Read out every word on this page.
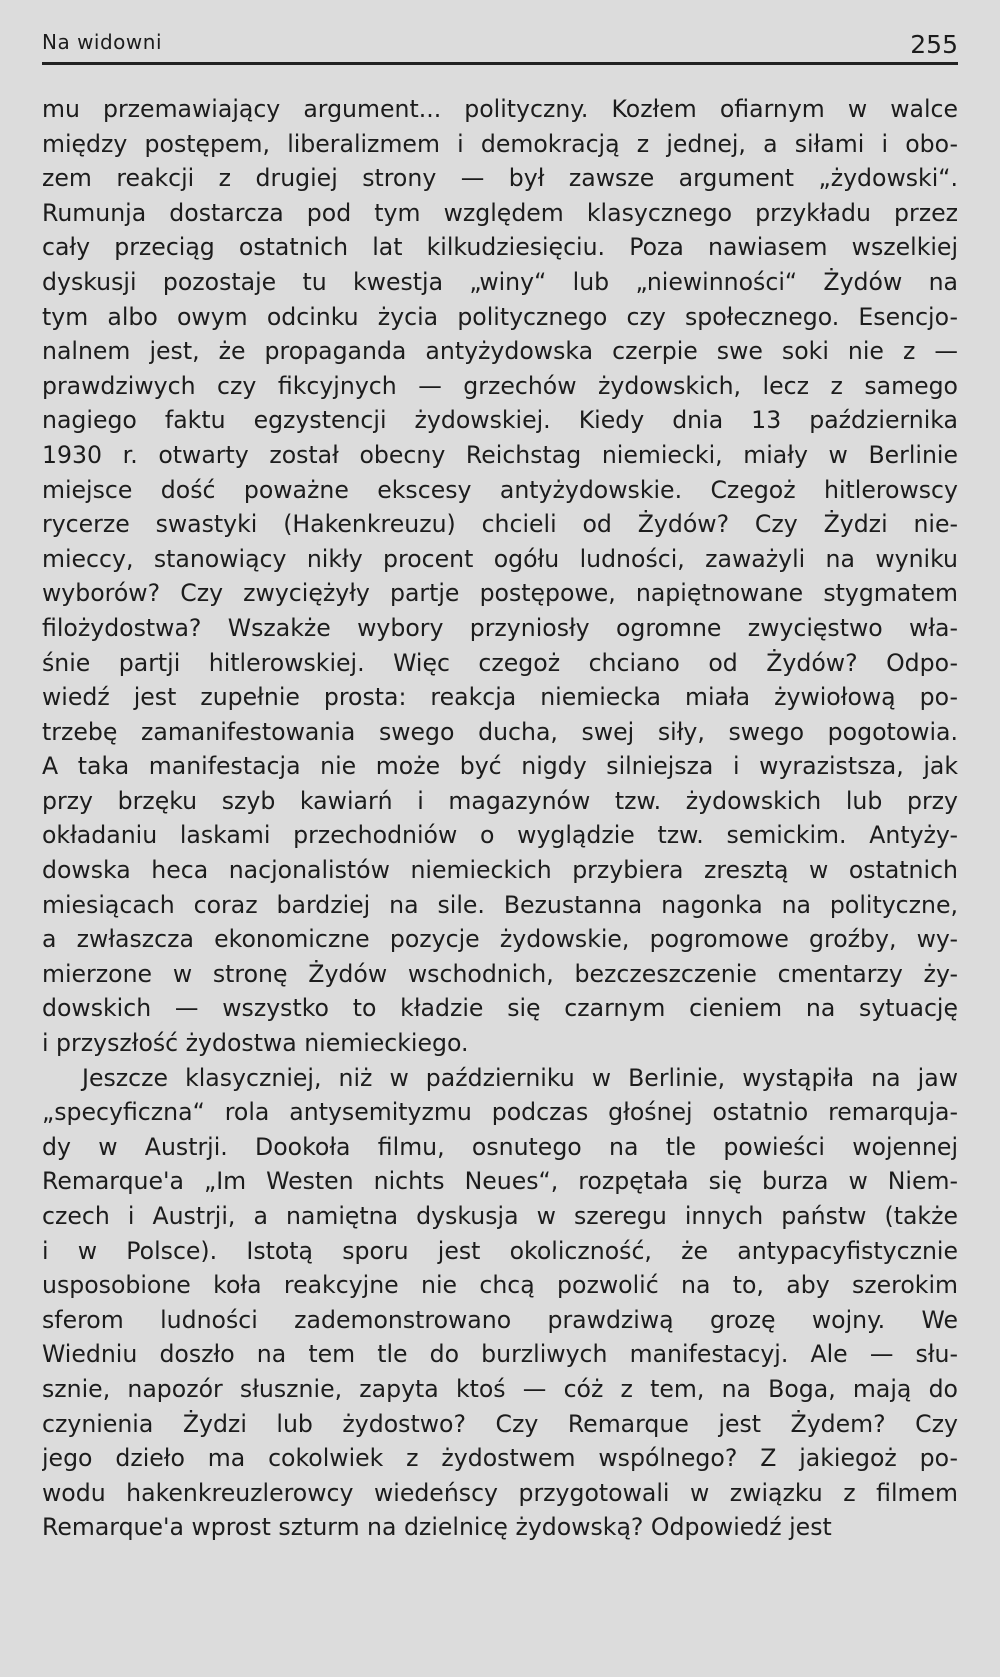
Na widowni	255
mu przemawiający argument... polityczny. Kozłem ofiarnym w walce
między postępem, liberalizmem i demokracją z jednej, a siłami i obo-
zem reakcji z drugiej strony — był zawsze argument „żydowski“.
Rumunja dostarcza pod tym względem klasycznego przykładu przez
cały przeciąg ostatnich lat kilkudziesięciu. Poza nawiasem wszelkiej
dyskusji pozostaje tu kwestja „winy“ lub „niewinności“ Żydów na
tym albo owym odcinku życia politycznego czy społecznego. Esencjo-
nalnem jest, że propaganda antyżydowska czerpie swe soki nie z —
prawdziwych czy fikcyjnych — grzechów żydowskich, lecz z samego
nagiego faktu egzystencji żydowskiej. Kiedy dnia 13 października
1930 r. otwarty został obecny Reichstag niemiecki, miały w Berlinie
miejsce dość poważne ekscesy antyżydowskie. Czegoż hitlerowscy
rycerze swastyki (Hakenkreuzu) chcieli od Żydów? Czy Żydzi nie-
mieccy, stanowiący nikły procent ogółu ludności, zaważyli na wyniku
wyborów? Czy zwyciężyły partje postępowe, napiętnowane stygmatem
filożydostwa? Wszakże wybory przyniosły ogromne zwycięstwo wła-
śnie partji hitlerowskiej. Więc czegoż chciano od Żydów? Odpo-
wiedź jest zupełnie prosta: reakcja niemiecka miała żywiołową po-
trzebę zamanifestowania swego ducha, swej siły, swego pogotowia.
A taka manifestacja nie może być nigdy silniejsza i wyrazistsza, jak
przy brzęku szyb kawiarń i magazynów tzw. żydowskich lub przy
okładaniu laskami przechodniów o wyglądzie tzw. semickim. Antyży-
dowska heca nacjonalistów niemieckich przybiera zresztą w ostatnich
miesiącach coraz bardziej na sile. Bezustanna nagonka na polityczne,
a zwłaszcza ekonomiczne pozycje żydowskie, pogromowe groźby, wy-
mierzone w stronę Żydów wschodnich, bezczeszczenie cmentarzy ży-
dowskich — wszystko to kładzie się czarnym cieniem na sytuację
i przyszłość żydostwa niemieckiego.
Jeszcze klasyczniej, niż w październiku w Berlinie, wystąpiła na jaw
„specyficzna“ rola antysemityzmu podczas głośnej ostatnio remarquja-
dy w Austrji. Dookoła filmu, osnutego na tle powieści wojennej
Remarque'a „Im Westen nichts Neues“, rozpętała się burza w Niem-
czech i Austrji, a namiętna dyskusja w szeregu innych państw (także
i w Polsce). Istotą sporu jest okoliczność, że antypacyfistycznie
usposobione koła reakcyjne nie chcą pozwolić na to, aby szerokim
sferom ludności zademonstrowano prawdziwą grozę wojny. We
Wiedniu doszło na tem tle do burzliwych manifestacyj. Ale — słu-
sznie, napozór słusznie, zapyta ktoś — cóż z tem, na Boga, mają do
czynienia Żydzi lub żydostwo? Czy Remarque jest Żydem? Czy
jego dzieło ma cokolwiek z żydostwem wspólnego? Z jakiegoż po-
wodu hakenkreuzlerowcy wiedeńscy przygotowali w związku z filmem
Remarque'a wprost szturm na dzielnicę żydowską? Odpowiedź jest
